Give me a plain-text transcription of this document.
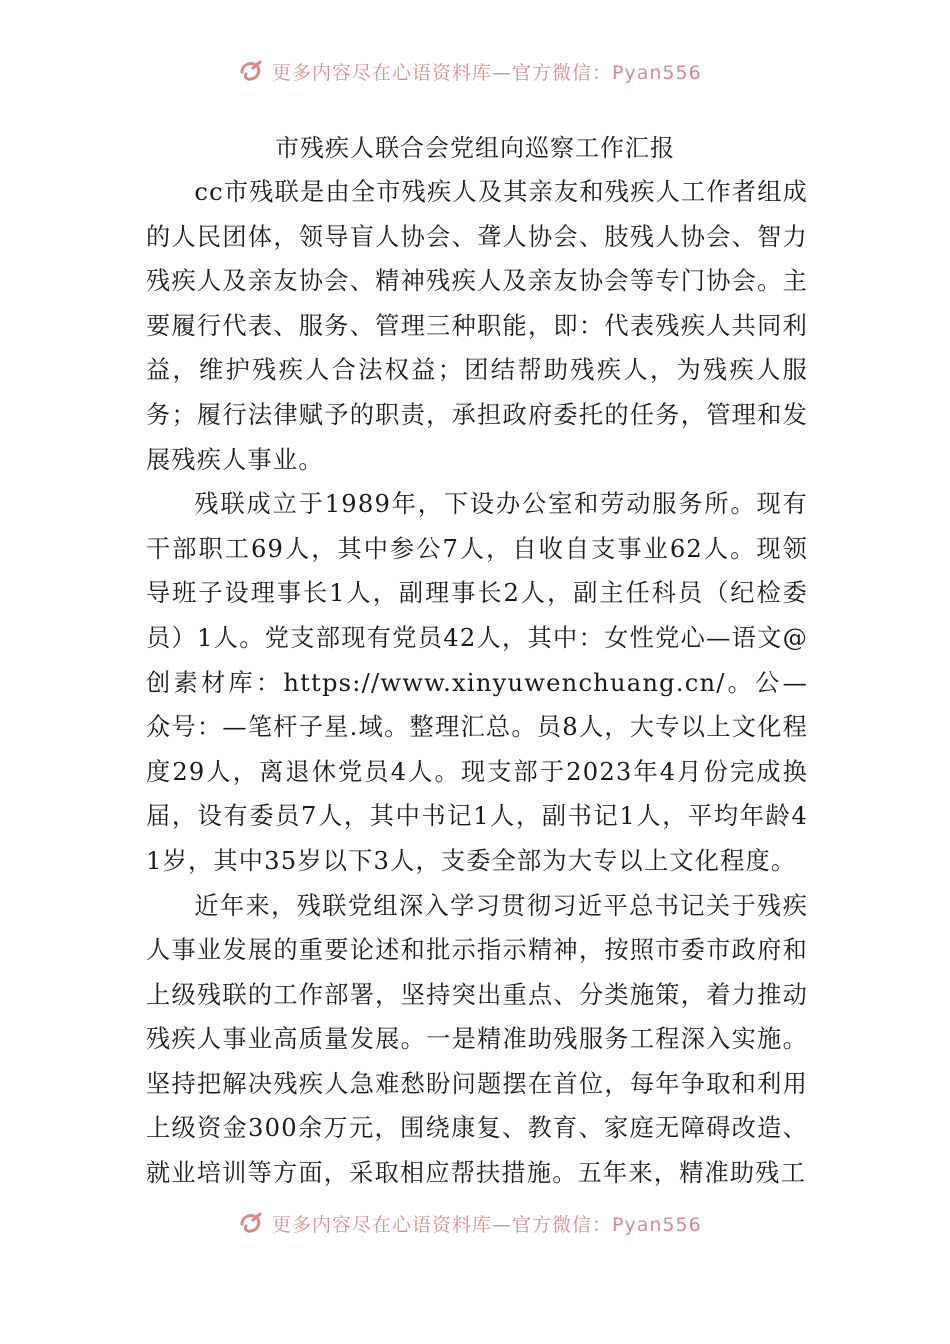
更多内容尽在心语资料库—官方微信：Pyan556
市残疾人联合会党组向巡察工作汇报

cc市残联是由全市残疾人及其亲友和残疾人工作者组成的人民团体，领导盲人协会、聋人协会、肢残人协会、智力残疾人及亲友协会、精神残疾人及亲友协会等专门协会。主要履行代表、服务、管理三种职能，即：代表残疾人共同利益，维护残疾人合法权益；团结帮助残疾人，为残疾人服务；履行法律赋予的职责，承担政府委托的任务，管理和发展残疾人事业。

残联成立于1989年，下设办公室和劳动服务所。现有干部职工69人，其中参公7人，自收自支事业62人。现领导班子设理事长1人，副理事长2人，副主任科员（纪检委员）1人。党支部现有党员42人，其中：女性党心—语文@创素材库：https://www.xinyuwenchuang.cn/。公—众号：—笔杆子星.域。整理汇总。员8人，大专以上文化程度29人，离退休党员4人。现支部于2023年4月份完成换届，设有委员7人，其中书记1人，副书记1人，平均年龄41岁，其中35岁以下3人，支委全部为大专以上文化程度。

近年来，残联党组深入学习贯彻习近平总书记关于残疾人事业发展的重要论述和批示指示精神，按照市委市政府和上级残联的工作部署，坚持突出重点、分类施策，着力推动残疾人事业高质量发展。一是精准助残服务工程深入实施。坚持把解决残疾人急难愁盼问题摆在首位，每年争取和利用上级资金300余万元，围绕康复、教育、家庭无障碍改造、就业培训等方面，采取相应帮扶措施。五年来，精准助残工

更多内容尽在心语资料库—官方微信：Pyan556
